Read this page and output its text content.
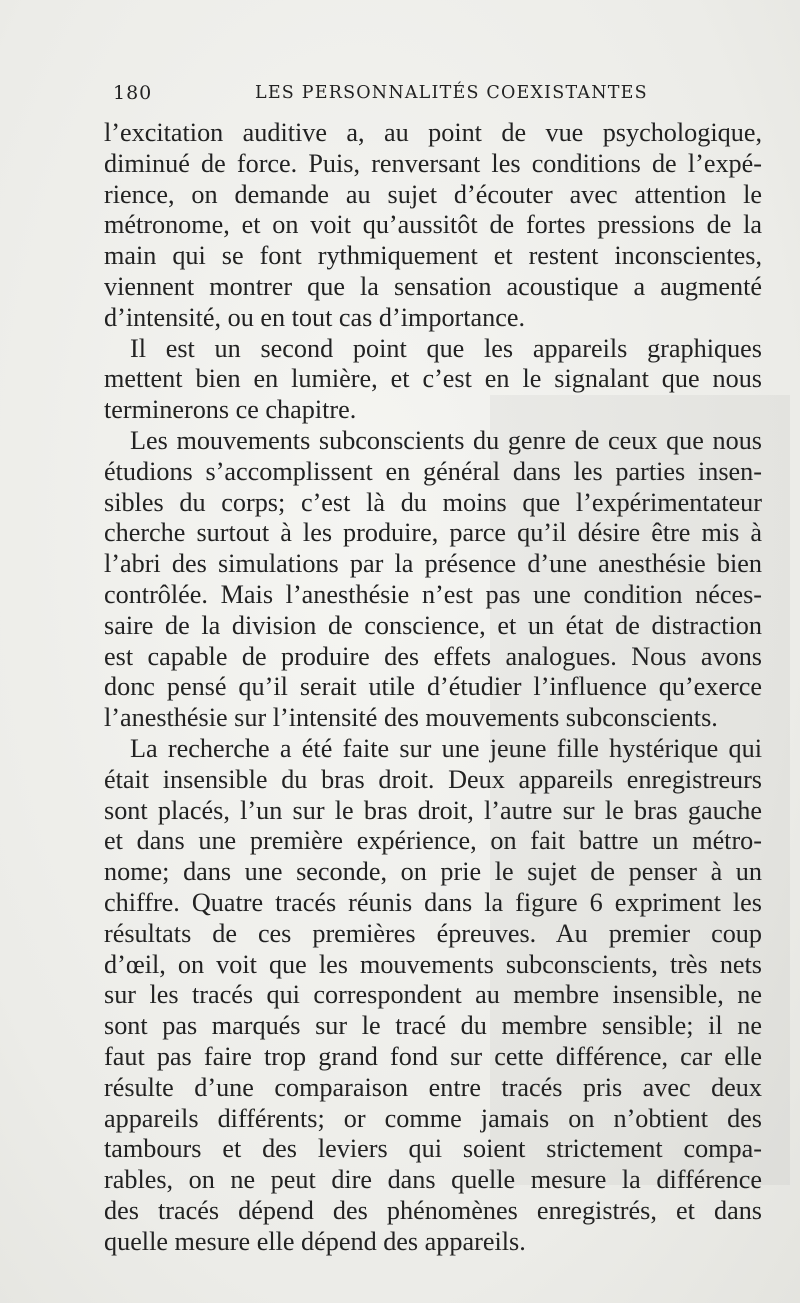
180	LES PERSONNALITÉS COEXISTANTES
l’excitation auditive a, au point de vue psychologique,
diminué de force. Puis, renversant les conditions de l’expé-
rience, on demande au sujet d’écouter avec attention le
métronome, et on voit qu’aussitôt de fortes pressions de la
main qui se font rythmiquement et restent inconscientes,
viennent montrer que la sensation acoustique a augmenté
d’intensité, ou en tout cas d’importance.
Il est un second point que les appareils graphiques
mettent bien en lumière, et c’est en le signalant que nous
terminerons ce chapitre.
Les mouvements subconscients du genre de ceux que nous
étudions s’accomplissent en général dans les parties insen-
sibles du corps; c’est là du moins que l’expérimentateur
cherche surtout à les produire, parce qu’il désire être mis à
l’abri des simulations par la présence d’une anesthésie bien
contrôlée. Mais l’anesthésie n’est pas une condition néces-
saire de la division de conscience, et un état de distraction
est capable de produire des effets analogues. Nous avons
donc pensé qu’il serait utile d’étudier l’influence qu’exerce
l’anesthésie sur l’intensité des mouvements subconscients.
La recherche a été faite sur une jeune fille hystérique qui
était insensible du bras droit. Deux appareils enregistreurs
sont placés, l’un sur le bras droit, l’autre sur le bras gauche
et dans une première expérience, on fait battre un métro-
nome; dans une seconde, on prie le sujet de penser à un
chiffre. Quatre tracés réunis dans la figure 6 expriment les
résultats de ces premières épreuves. Au premier coup
d’œil, on voit que les mouvements subconscients, très nets
sur les tracés qui correspondent au membre insensible, ne
sont pas marqués sur le tracé du membre sensible; il ne
faut pas faire trop grand fond sur cette différence, car elle
résulte d’une comparaison entre tracés pris avec deux
appareils différents; or comme jamais on n’obtient des
tambours et des leviers qui soient strictement compa-
rables, on ne peut dire dans quelle mesure la différence
des tracés dépend des phénomènes enregistrés, et dans
quelle mesure elle dépend des appareils.
